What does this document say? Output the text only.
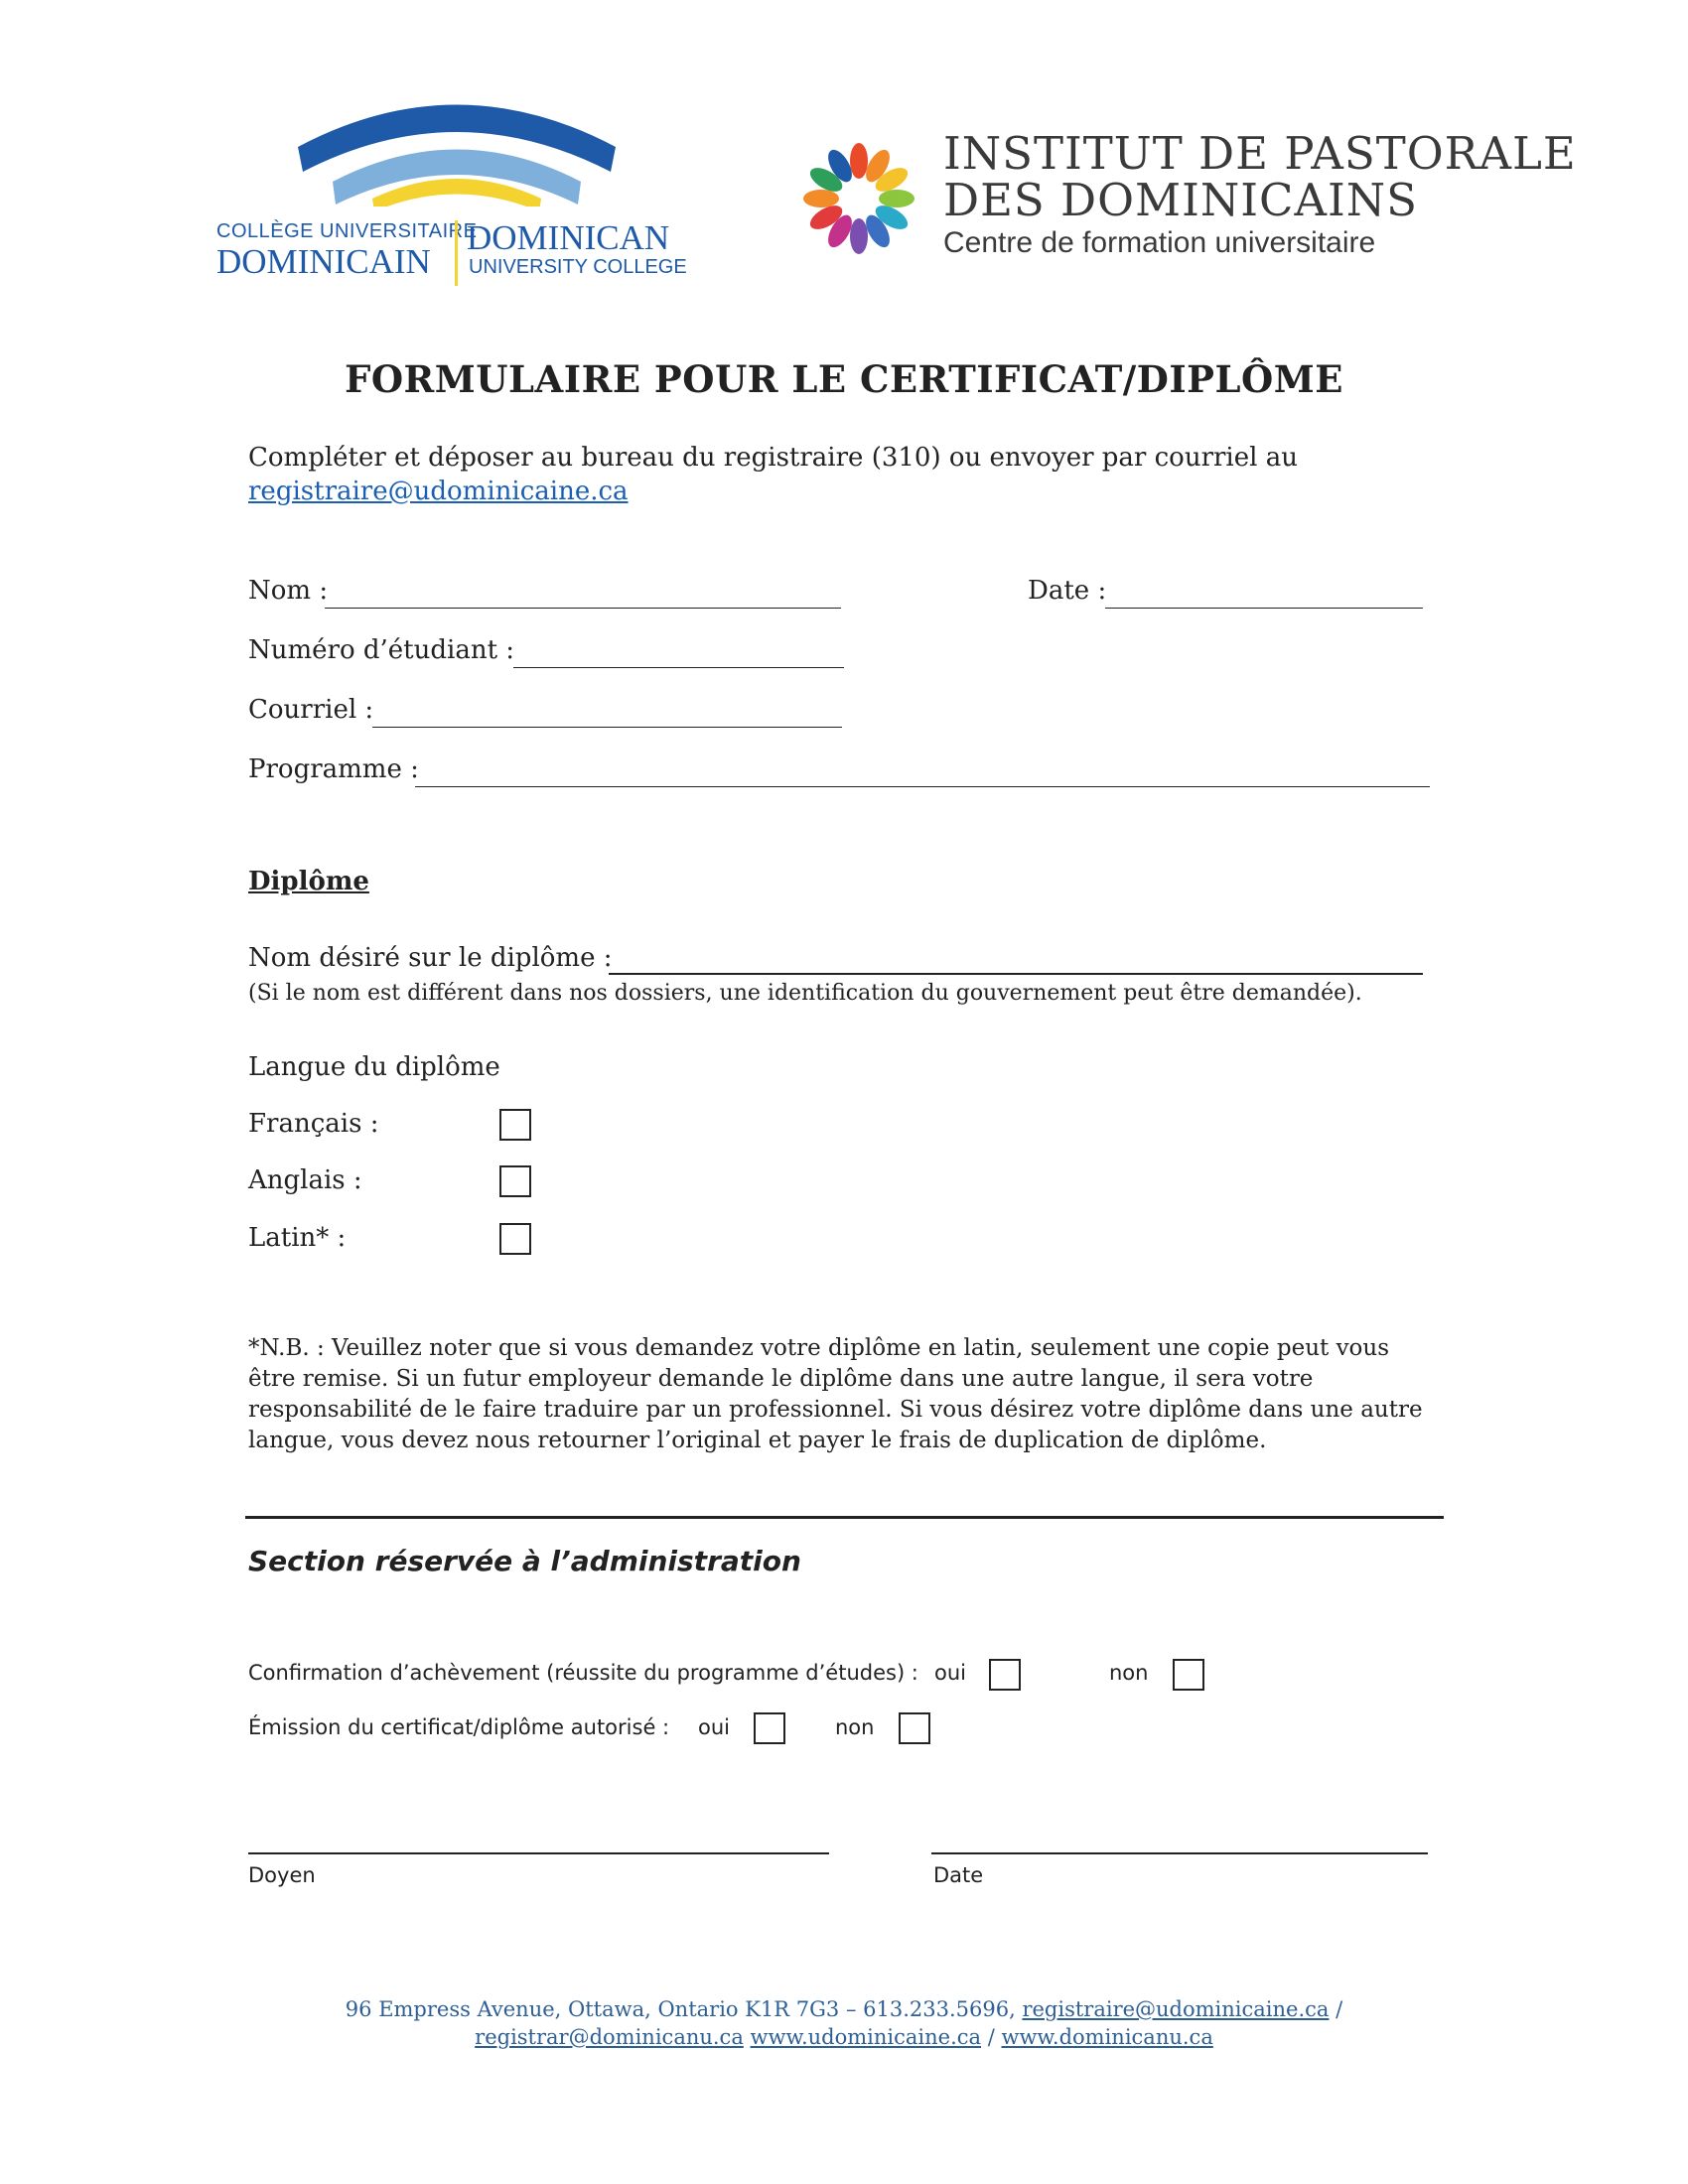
COLLÈGE UNIVERSITAIRE
DOMINICAIN
DOMINICAN
UNIVERSITY COLLEGE
INSTITUT DE PASTORALE
DES DOMINICAINS
Centre de formation universitaire
FORMULAIRE POUR LE CERTIFICAT/DIPLÔME
Compléter et déposer au bureau du registraire (310) ou envoyer par courriel au
registraire@udominicaine.ca
Nom :	Date :
Numéro d’étudiant :
Courriel :
Programme :
Diplôme
Nom désiré sur le diplôme :
(Si le nom est différent dans nos dossiers, une identification du gouvernement peut être demandée).
Langue du diplôme
Français :
Anglais :
Latin* :
*N.B. : Veuillez noter que si vous demandez votre diplôme en latin, seulement une copie peut vous
être remise. Si un futur employeur demande le diplôme dans une autre langue, il sera votre
responsabilité de le faire traduire par un professionnel. Si vous désirez votre diplôme dans une autre
langue, vous devez nous retourner l’original et payer le frais de duplication de diplôme.
Section réservée à l’administration
Confirmation d’achèvement (réussite du programme d’études) : oui	non
Émission du certificat/diplôme autorisé : oui	non
Doyen	Date
96 Empress Avenue, Ottawa, Ontario K1R 7G3 – 613.233.5696, registraire@udominicaine.ca /
registrar@dominicanu.ca www.udominicaine.ca / www.dominicanu.ca
